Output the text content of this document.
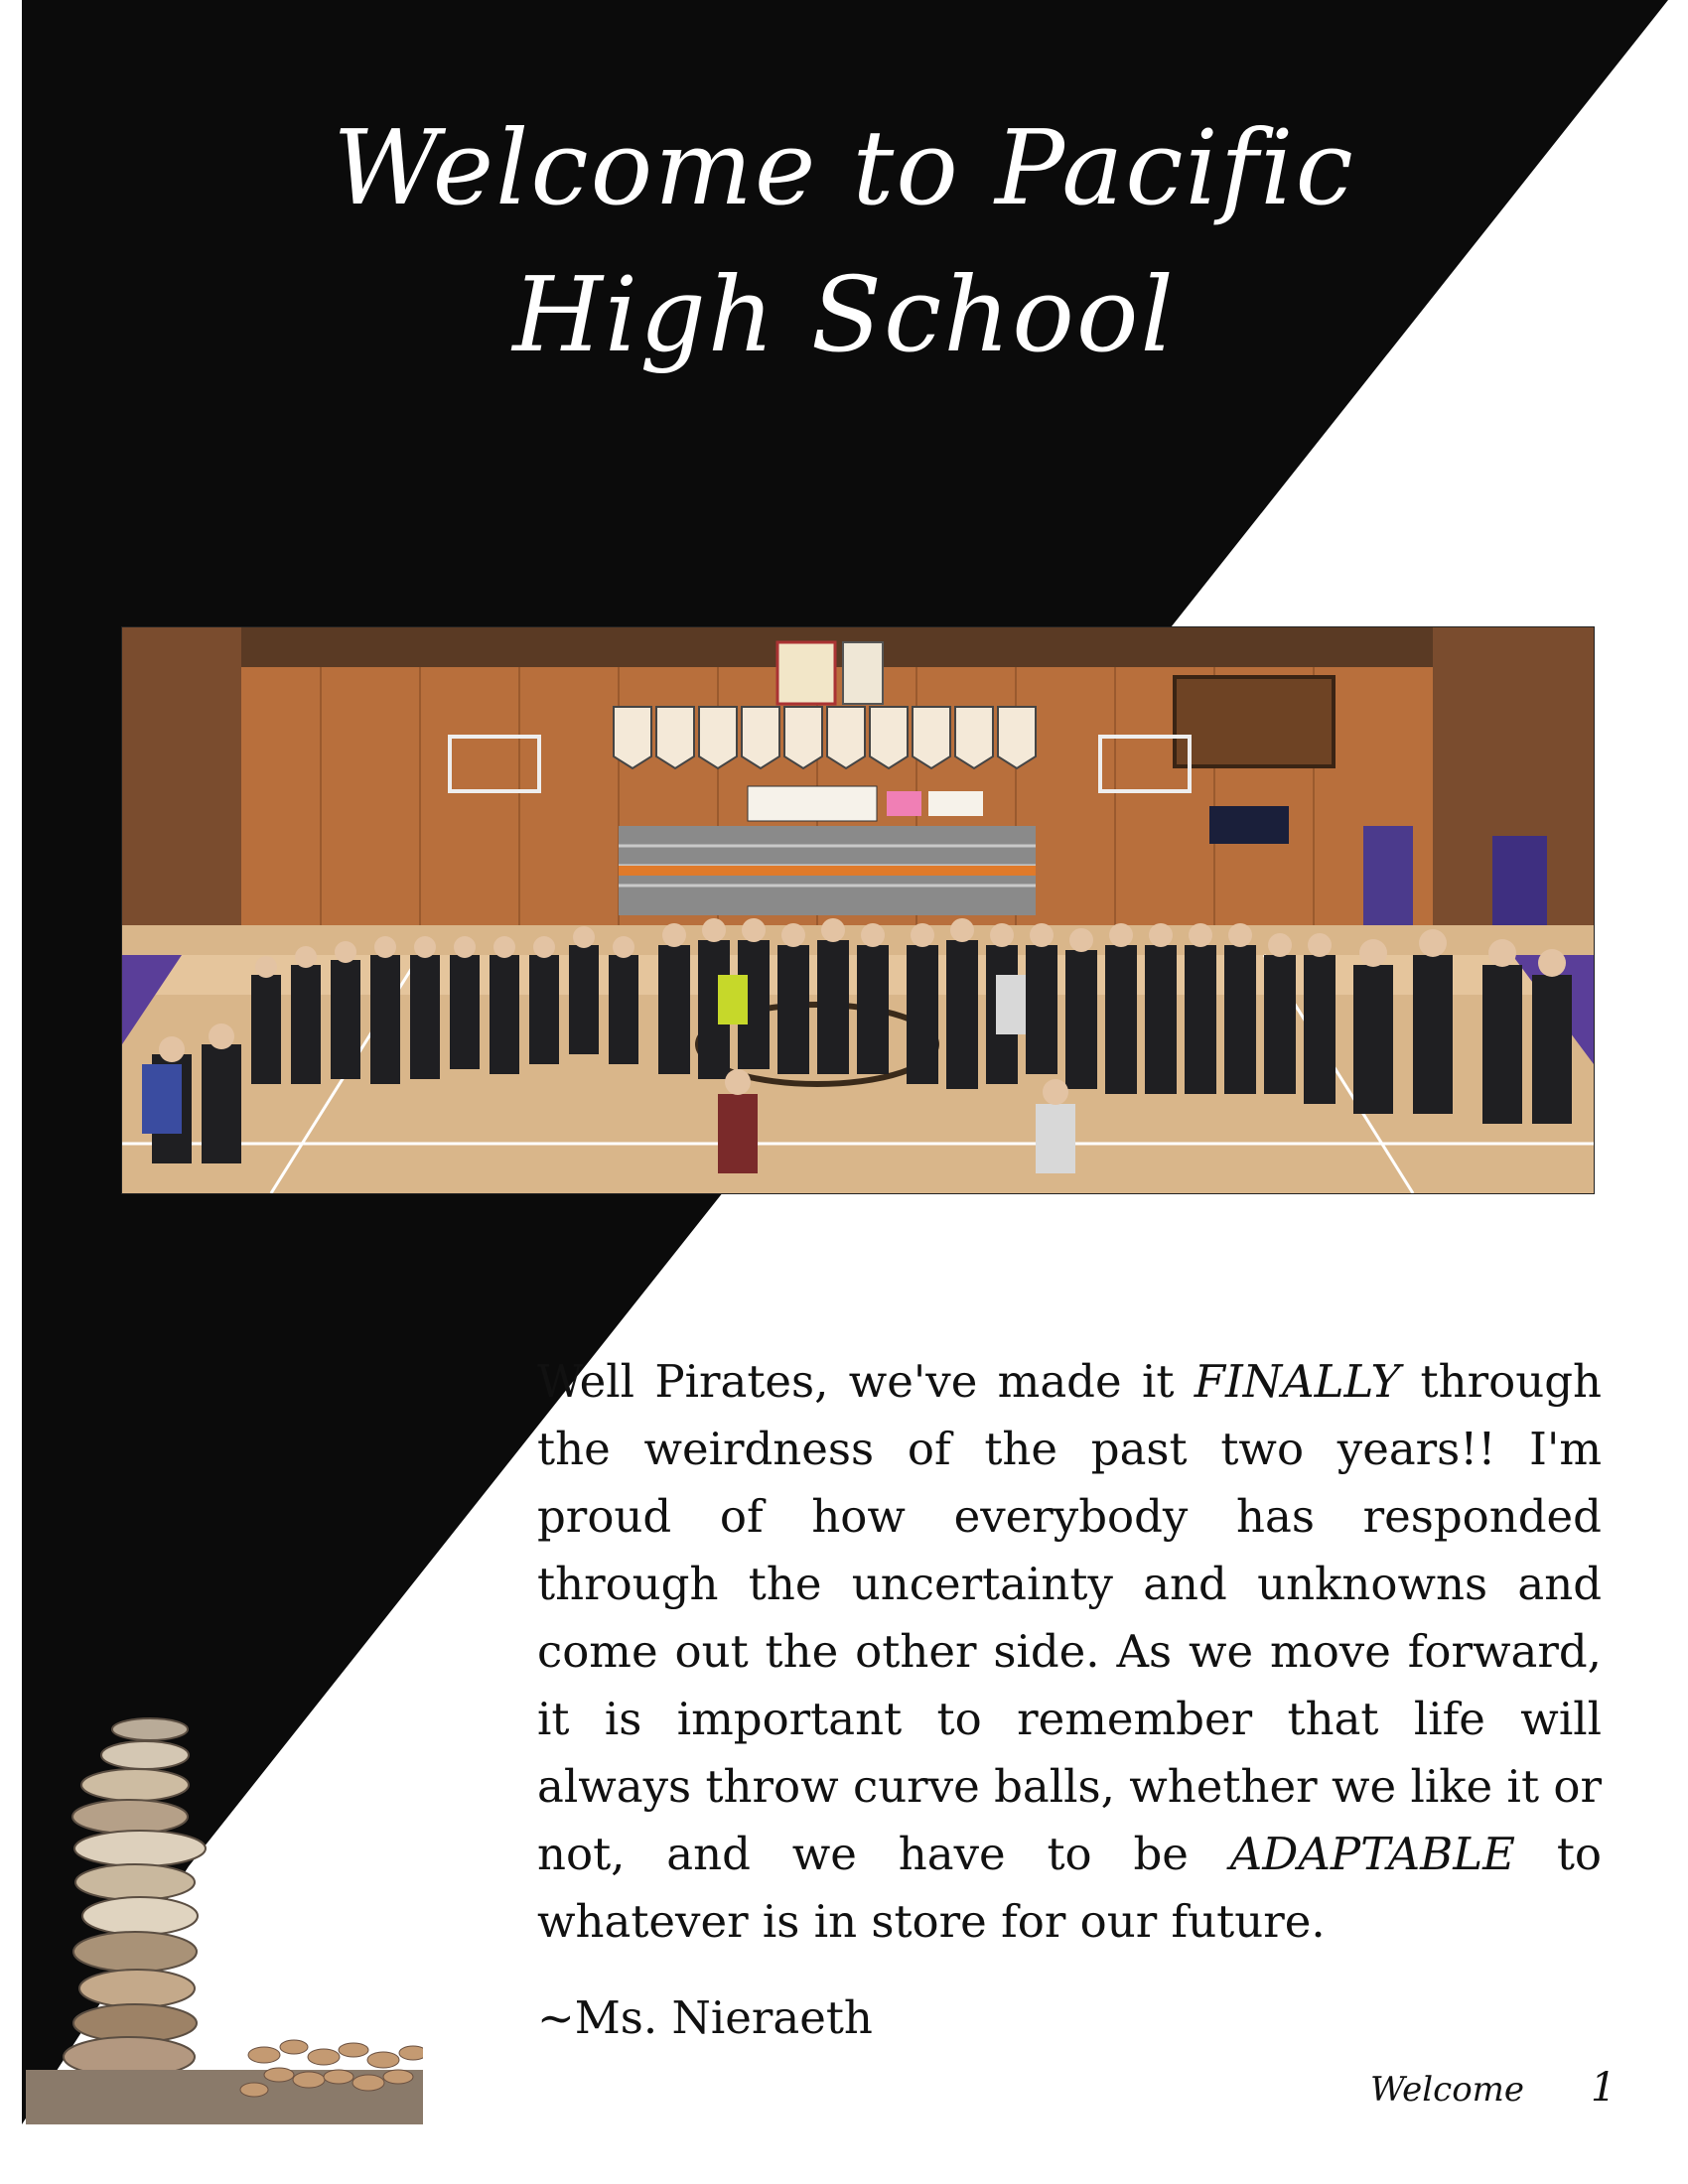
Welcome to Pacific
High School

Well Pirates, we've made it FINALLY through the weirdness of the past two years!! I'm proud of how everybody has responded through the uncertainty and unknowns and come out the other side. As we move forward, it is important to remember that life will always throw curve balls, whether we like it or not, and we have to be ADAPTABLE to whatever is in store for our future.

~Ms. Nieraeth
Welcome 1
